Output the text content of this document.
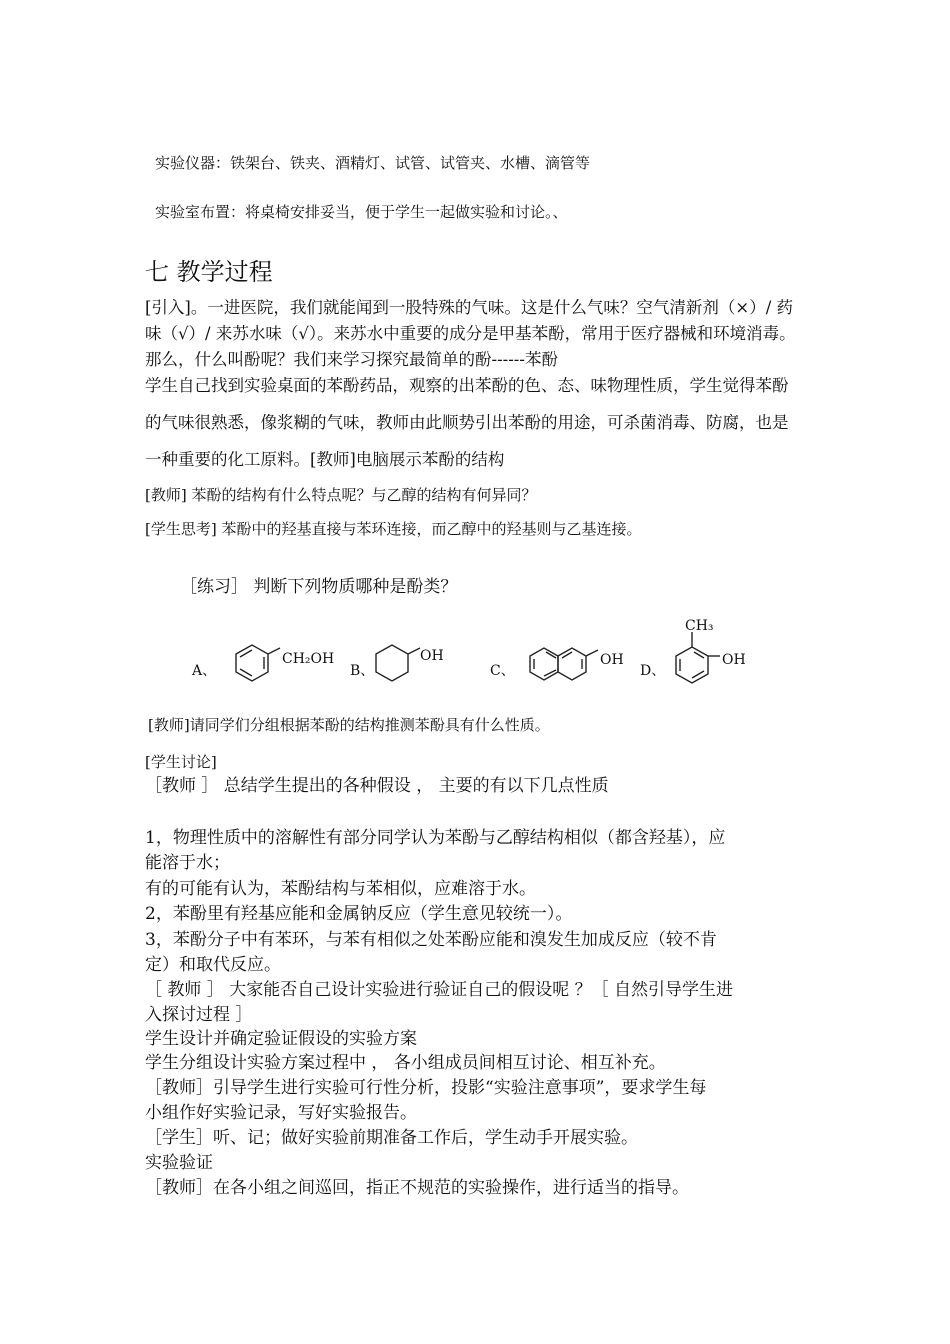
实验仪器：铁架台、铁夹、酒精灯、试管、试管夹、水槽、滴管等
实验室布置：将桌椅安排妥当，便于学生一起做实验和讨论。、
七 教学过程
[引入]。一进医院，我们就能闻到一股特殊的气味。这是什么气味？空气清新剂（×）/ 药
味（√）/ 来苏水味（√）。来苏水中重要的成分是甲基苯酚，常用于医疗器械和环境消毒。
那么，什么叫酚呢？我们来学习探究最简单的酚------苯酚
学生自己找到实验桌面的苯酚药品，观察的出苯酚的色、态、味物理性质，学生觉得苯酚
的气味很熟悉，像浆糊的气味，教师由此顺势引出苯酚的用途，可杀菌消毒、防腐，也是
一种重要的化工原料。[教师]电脑展示苯酚的结构
[教师] 苯酚的结构有什么特点呢？与乙醇的结构有何异同？
[学生思考] 苯酚中的羟基直接与苯环连接，而乙醇中的羟基则与乙基连接。
［练习］ 判断下列物质哪种是酚类？
A、
CH₂OH
B、
OH
C、
OH
D、
OH
CH₃
[教师]请同学们分组根据苯酚的结构推测苯酚具有什么性质。
[学生讨论]
［教师 ］ 总结学生提出的各种假设 ， 主要的有以下几点性质
1，物理性质中的溶解性有部分同学认为苯酚与乙醇结构相似（都含羟基），应
能溶于水；
有的可能有认为，苯酚结构与苯相似，应难溶于水。
2，苯酚里有羟基应能和金属钠反应（学生意见较统一）。
3，苯酚分子中有苯环，与苯有相似之处苯酚应能和溴发生加成反应（较不肯
定）和取代反应。
［ 教师 ］ 大家能否自己设计实验进行验证自己的假设呢 ？［ 自然引导学生进
入探讨过程 ］
学生设计并确定验证假设的实验方案
学生分组设计实验方案过程中 ， 各小组成员间相互讨论、相互补充。
［教师］引导学生进行实验可行性分析，投影“实验注意事项”，要求学生每
小组作好实验记录，写好实验报告。
［学生］听、记；做好实验前期准备工作后，学生动手开展实验。
实验验证
［教师］在各小组之间巡回，指正不规范的实验操作，进行适当的指导。
